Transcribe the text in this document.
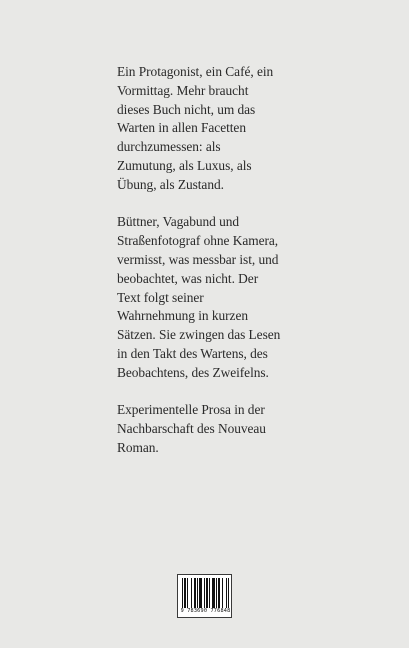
Ein Protagonist, ein Café, ein
Vormittag. Mehr braucht
dieses Buch nicht, um das
Warten in allen Facetten
durchzumessen: als
Zumutung, als Luxus, als
Übung, als Zustand.

Büttner, Vagabund und
Straßenfotograf ohne Kamera,
vermisst, was messbar ist, und
beobachtet, was nicht. Der
Text folgt seiner
Wahrnehmung in kurzen
Sätzen. Sie zwingen das Lesen
in den Takt des Wartens, des
Beobachtens, des Zweifelns.

Experimentelle Prosa in der
Nachbarschaft des Nouveau
Roman.

9 783690 776848
